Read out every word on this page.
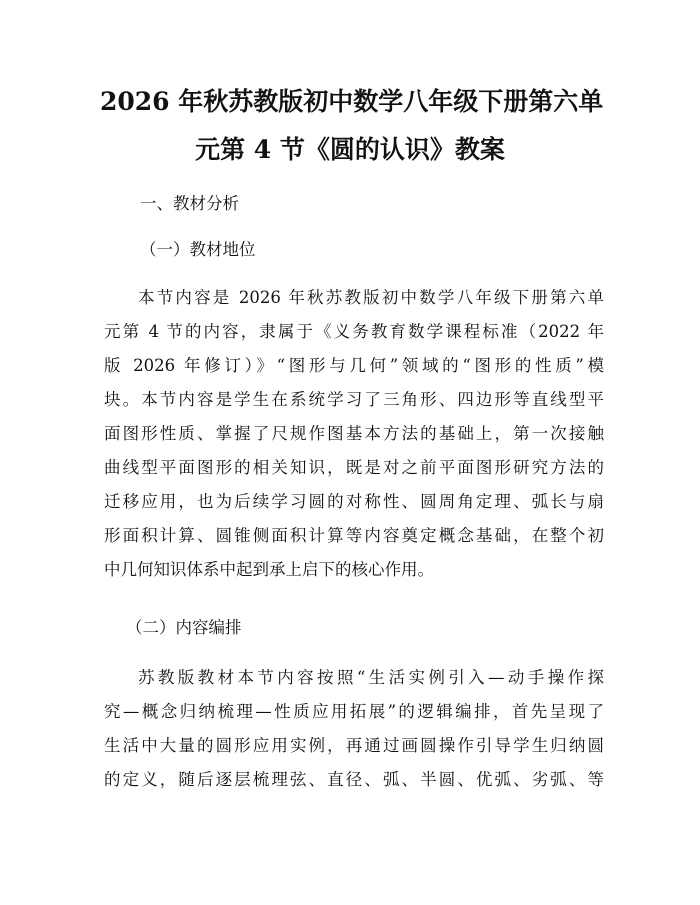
2026 年秋苏教版初中数学八年级下册第六单
元第 4 节《圆的认识》教案

一、教材分析

（一）教材地位

本节内容是 2026 年秋苏教版初中数学八年级下册第六单

元第 4 节的内容，隶属于《义务教育数学课程标准（2022 年

版 2026 年修订）》“图形与几何”领域的“图形的性质”模

块。本节内容是学生在系统学习了三角形、四边形等直线型平

面图形性质、掌握了尺规作图基本方法的基础上，第一次接触

曲线型平面图形的相关知识，既是对之前平面图形研究方法的

迁移应用，也为后续学习圆的对称性、圆周角定理、弧长与扇

形面积计算、圆锥侧面积计算等内容奠定概念基础，在整个初

中几何知识体系中起到承上启下的核心作用。

（二）内容编排

苏教版教材本节内容按照“生活实例引入—动手操作探

究—概念归纳梳理—性质应用拓展”的逻辑编排，首先呈现了

生活中大量的圆形应用实例，再通过画圆操作引导学生归纳圆

的定义，随后逐层梳理弦、直径、弧、半圆、优弧、劣弧、等
